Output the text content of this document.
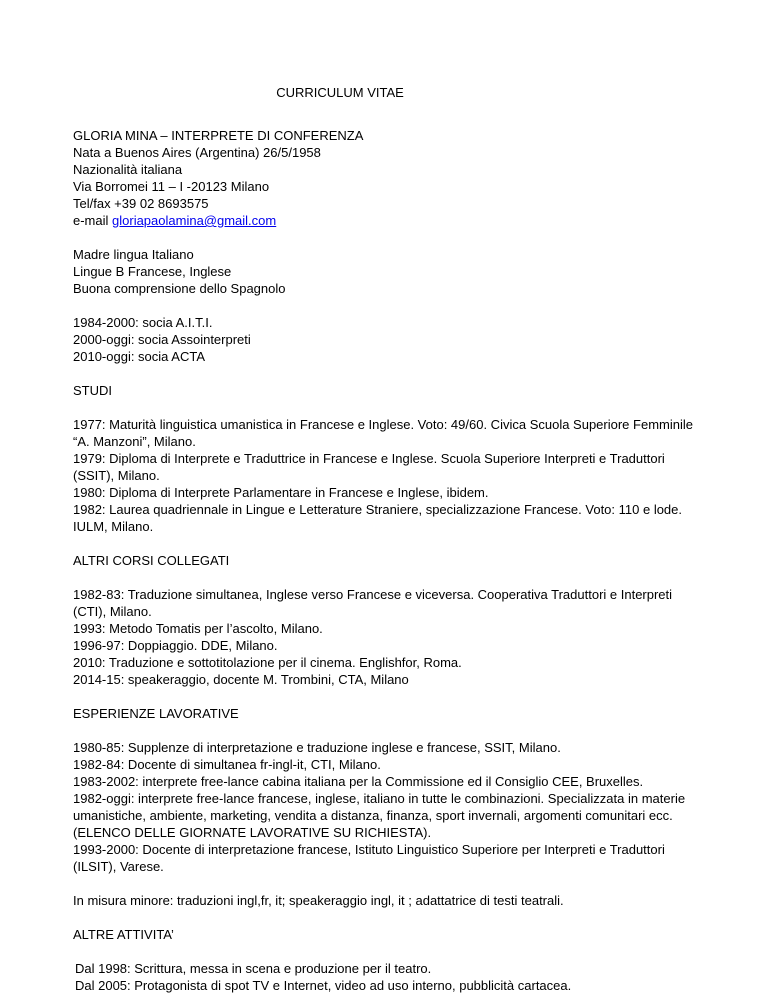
CURRICULUM VITAE
GLORIA MINA – INTERPRETE DI CONFERENZA
Nata a Buenos Aires (Argentina) 26/5/1958
Nazionalità italiana
Via Borromei 11 – I -20123 Milano
Tel/fax +39 02 8693575
e-mail gloriapaolamina@gmail.com
Madre lingua Italiano
Lingue B Francese, Inglese
Buona comprensione dello Spagnolo
1984-2000: socia A.I.T.I.
2000-oggi: socia Assointerpreti
2010-oggi: socia ACTA
STUDI
1977: Maturità linguistica umanistica in Francese e Inglese. Voto: 49/60. Civica Scuola Superiore Femminile
“A. Manzoni”, Milano.
1979: Diploma di Interprete e Traduttrice in Francese e Inglese. Scuola Superiore Interpreti e Traduttori
(SSIT), Milano.
1980: Diploma di Interprete Parlamentare in Francese e Inglese, ibidem.
1982: Laurea quadriennale in Lingue e Letterature Straniere, specializzazione Francese. Voto: 110 e lode.
IULM, Milano.
ALTRI CORSI COLLEGATI
1982-83: Traduzione simultanea, Inglese verso Francese e viceversa. Cooperativa Traduttori e Interpreti
(CTI), Milano.
1993: Metodo Tomatis per l’ascolto, Milano.
1996-97: Doppiaggio. DDE, Milano.
2010: Traduzione e sottotitolazione per il cinema. Englishfor, Roma.
2014-15: speakeraggio, docente M. Trombini, CTA, Milano
ESPERIENZE LAVORATIVE
1980-85: Supplenze di interpretazione e traduzione inglese e francese, SSIT, Milano.
1982-84: Docente di simultanea fr-ingl-it, CTI, Milano.
1983-2002: interprete free-lance cabina italiana per la Commissione ed il Consiglio CEE, Bruxelles.
1982-oggi: interprete free-lance francese, inglese, italiano in tutte le combinazioni. Specializzata in materie
umanistiche, ambiente, marketing, vendita a distanza, finanza, sport invernali, argomenti comunitari ecc.
(ELENCO DELLE GIORNATE LAVORATIVE SU RICHIESTA).
1993-2000: Docente di interpretazione francese, Istituto Linguistico Superiore per Interpreti e Traduttori
(ILSIT), Varese.
In misura minore: traduzioni ingl,fr, it; speakeraggio ingl, it ; adattatrice di testi teatrali.
ALTRE ATTIVITA’
Dal 1998: Scrittura, messa in scena e produzione per il teatro.
Dal 2005: Protagonista di spot TV e Internet, video ad uso interno, pubblicità cartacea.
